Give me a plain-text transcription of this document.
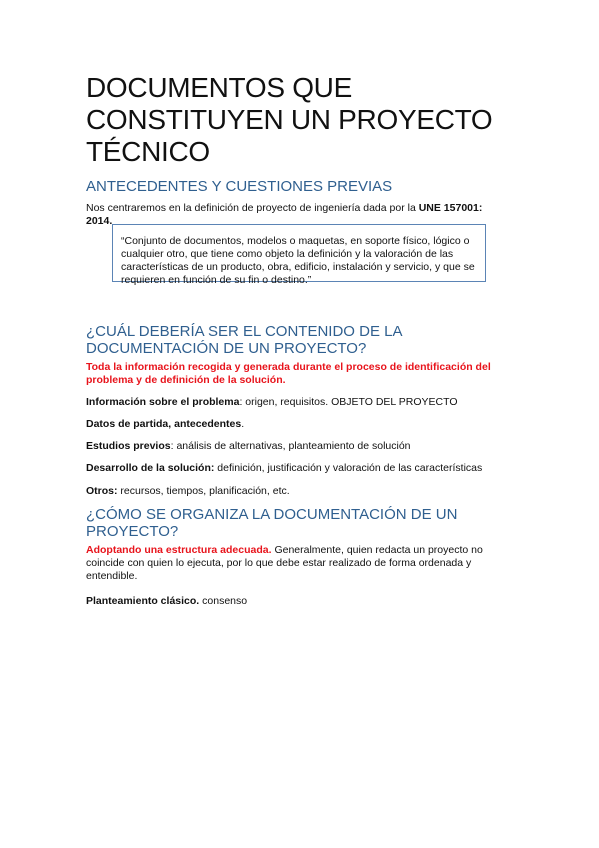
DOCUMENTOS QUE CONSTITUYEN UN PROYECTO TÉCNICO
ANTECEDENTES Y CUESTIONES PREVIAS

Nos centraremos en la definición de proyecto de ingeniería dada por la UNE 157001: 2014.

“Conjunto de documentos, modelos o maquetas, en soporte físico, lógico o cualquier otro, que tiene como objeto la definición y la valoración de las características de un producto, obra, edificio, instalación y servicio, y que se requieren en función de su fin o destino.”
¿CUÁL DEBERÍA SER EL CONTENIDO DE LA DOCUMENTACIÓN DE UN PROYECTO?

Toda la información recogida y generada durante el proceso de identificación del problema y de definición de la solución.

Información sobre el problema: origen, requisitos. OBJETO DEL PROYECTO

Datos de partida, antecedentes.

Estudios previos: análisis de alternativas, planteamiento de solución

Desarrollo de la solución: definición, justificación y valoración de las características

Otros: recursos, tiempos, planificación, etc.

¿CÓMO SE ORGANIZA LA DOCUMENTACIÓN DE UN PROYECTO?

Adoptando una estructura adecuada. Generalmente, quien redacta un proyecto no coincide con quien lo ejecuta, por lo que debe estar realizado de forma ordenada y entendible.

Planteamiento clásico. consenso
